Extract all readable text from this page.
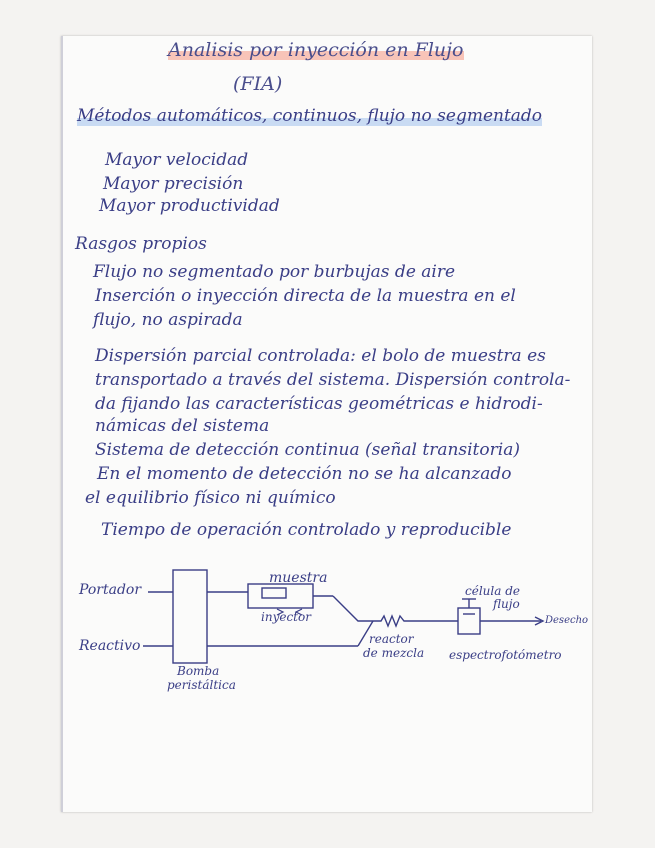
Analisis por inyección en Flujo
(FIA)
Métodos automáticos, continuos, flujo no segmentado
Mayor velocidad
Mayor precisión
Mayor productividad
Rasgos propios
Flujo no segmentado por burbujas de aire
Inserción o inyección directa de la muestra en el
flujo, no aspirada
Dispersión parcial controlada: el bolo de muestra es
transportado a través del sistema. Dispersión controla-
da fijando las características geométricas e hidrodi-
námicas del sistema
Sistema de detección continua (señal transitoria)
En el momento de detección no se ha alcanzado
el equilibrio físico ni químico
Tiempo de operación controlado y reproducible
Portador
Reactivo
muestra
inyector
Bomba
peristáltica
reactor
de mezcla
célula de
flujo
espectrofotómetro
Desecho
